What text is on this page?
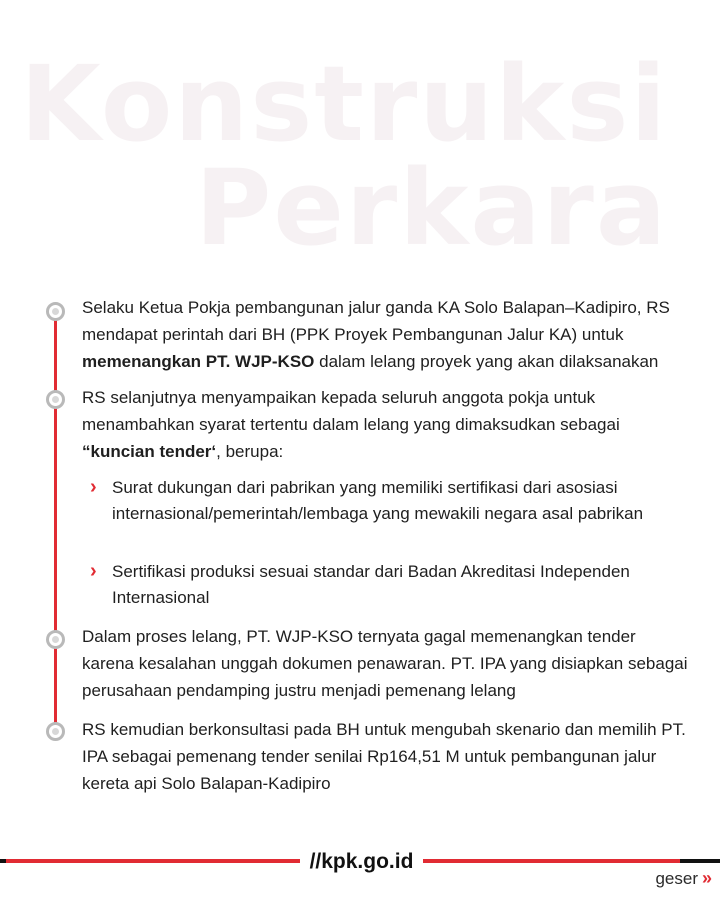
Konstruksi
Perkara
Selaku Ketua Pokja pembangunan jalur ganda KA Solo Balapan–Kadipiro, RS mendapat perintah dari BH (PPK Proyek Pembangunan Jalur KA) untuk memenangkan PT. WJP-KSO dalam lelang proyek yang akan dilaksanakan
RS selanjutnya menyampaikan kepada seluruh anggota pokja untuk menambahkan syarat tertentu dalam lelang yang dimaksudkan sebagai “kuncian tender‘, berupa:
› Surat dukungan dari pabrikan yang memiliki sertifikasi dari asosiasi internasional/pemerintah/lembaga yang mewakili negara asal pabrikan
› Sertifikasi produksi sesuai standar dari Badan Akreditasi Independen Internasional
Dalam proses lelang, PT. WJP-KSO ternyata gagal memenangkan tender karena kesalahan unggah dokumen penawaran. PT. IPA yang disiapkan sebagai perusahaan pendamping justru menjadi pemenang lelang
RS kemudian berkonsultasi pada BH untuk mengubah skenario dan memilih PT. IPA sebagai pemenang tender senilai Rp164,51 M untuk pembangunan jalur kereta api Solo Balapan-Kadipiro
//kpk.go.id
geser »
